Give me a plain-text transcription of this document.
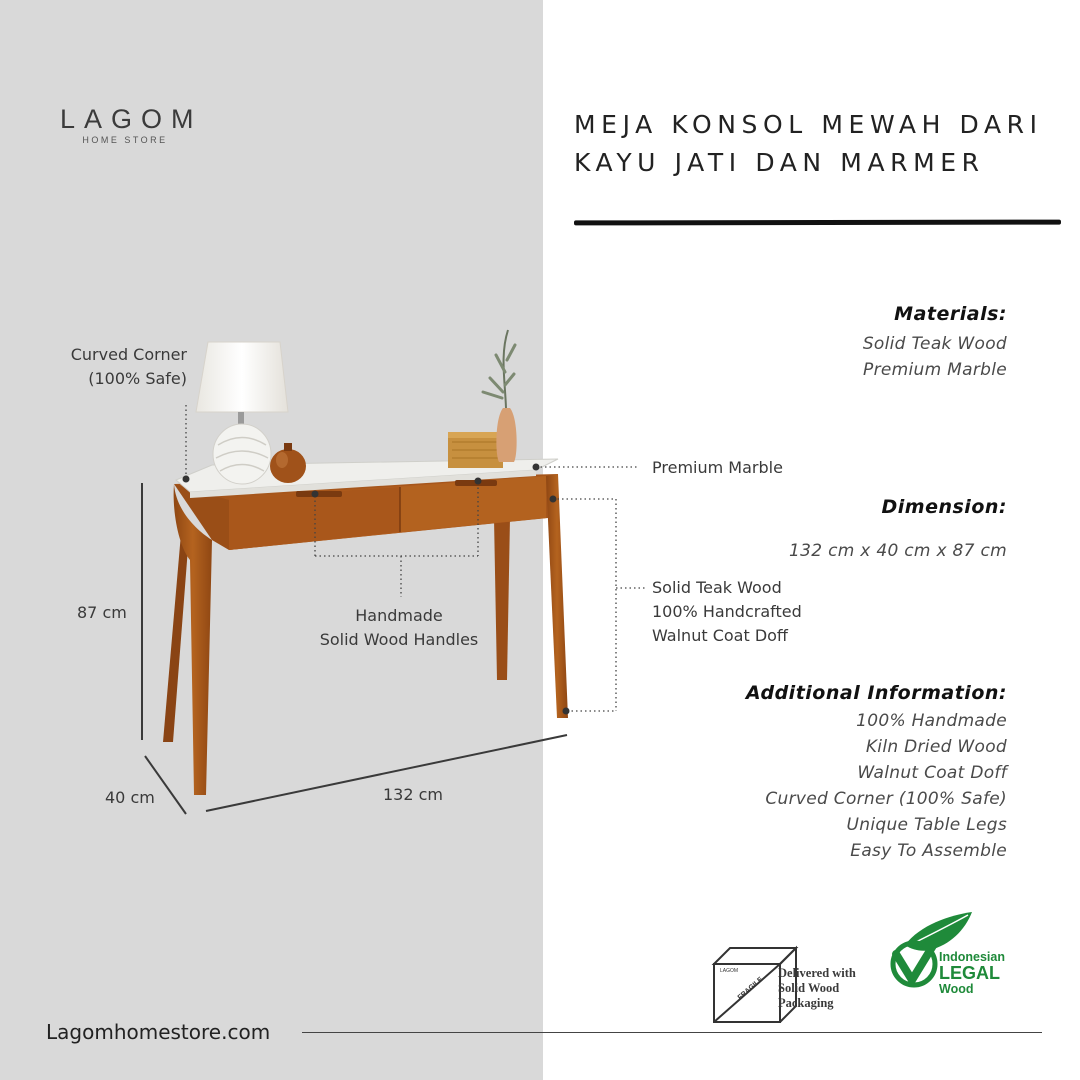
LAGOM
HOME STORE
MEJA KONSOL MEWAH DARI
KAYU JATI DAN MARMER
Curved Corner
(100% Safe)
Premium Marble
Handmade
Solid Wood Handles
Solid Teak Wood
100% Handcrafted
Walnut Coat Doff
87 cm
40 cm	132 cm
Materials:
Solid Teak Wood
Premium Marble
Dimension:
132 cm x 40 cm x 87 cm
Additional Information:
100% Handmade
Kiln Dried Wood
Walnut Coat Doff
Curved Corner (100% Safe)
Unique Table Legs
Easy To Assemble
LAGOM
FRAGILE
Delivered with
Solid Wood
Packaging
Indonesian
LEGAL
Wood
Lagomhomestore.com
